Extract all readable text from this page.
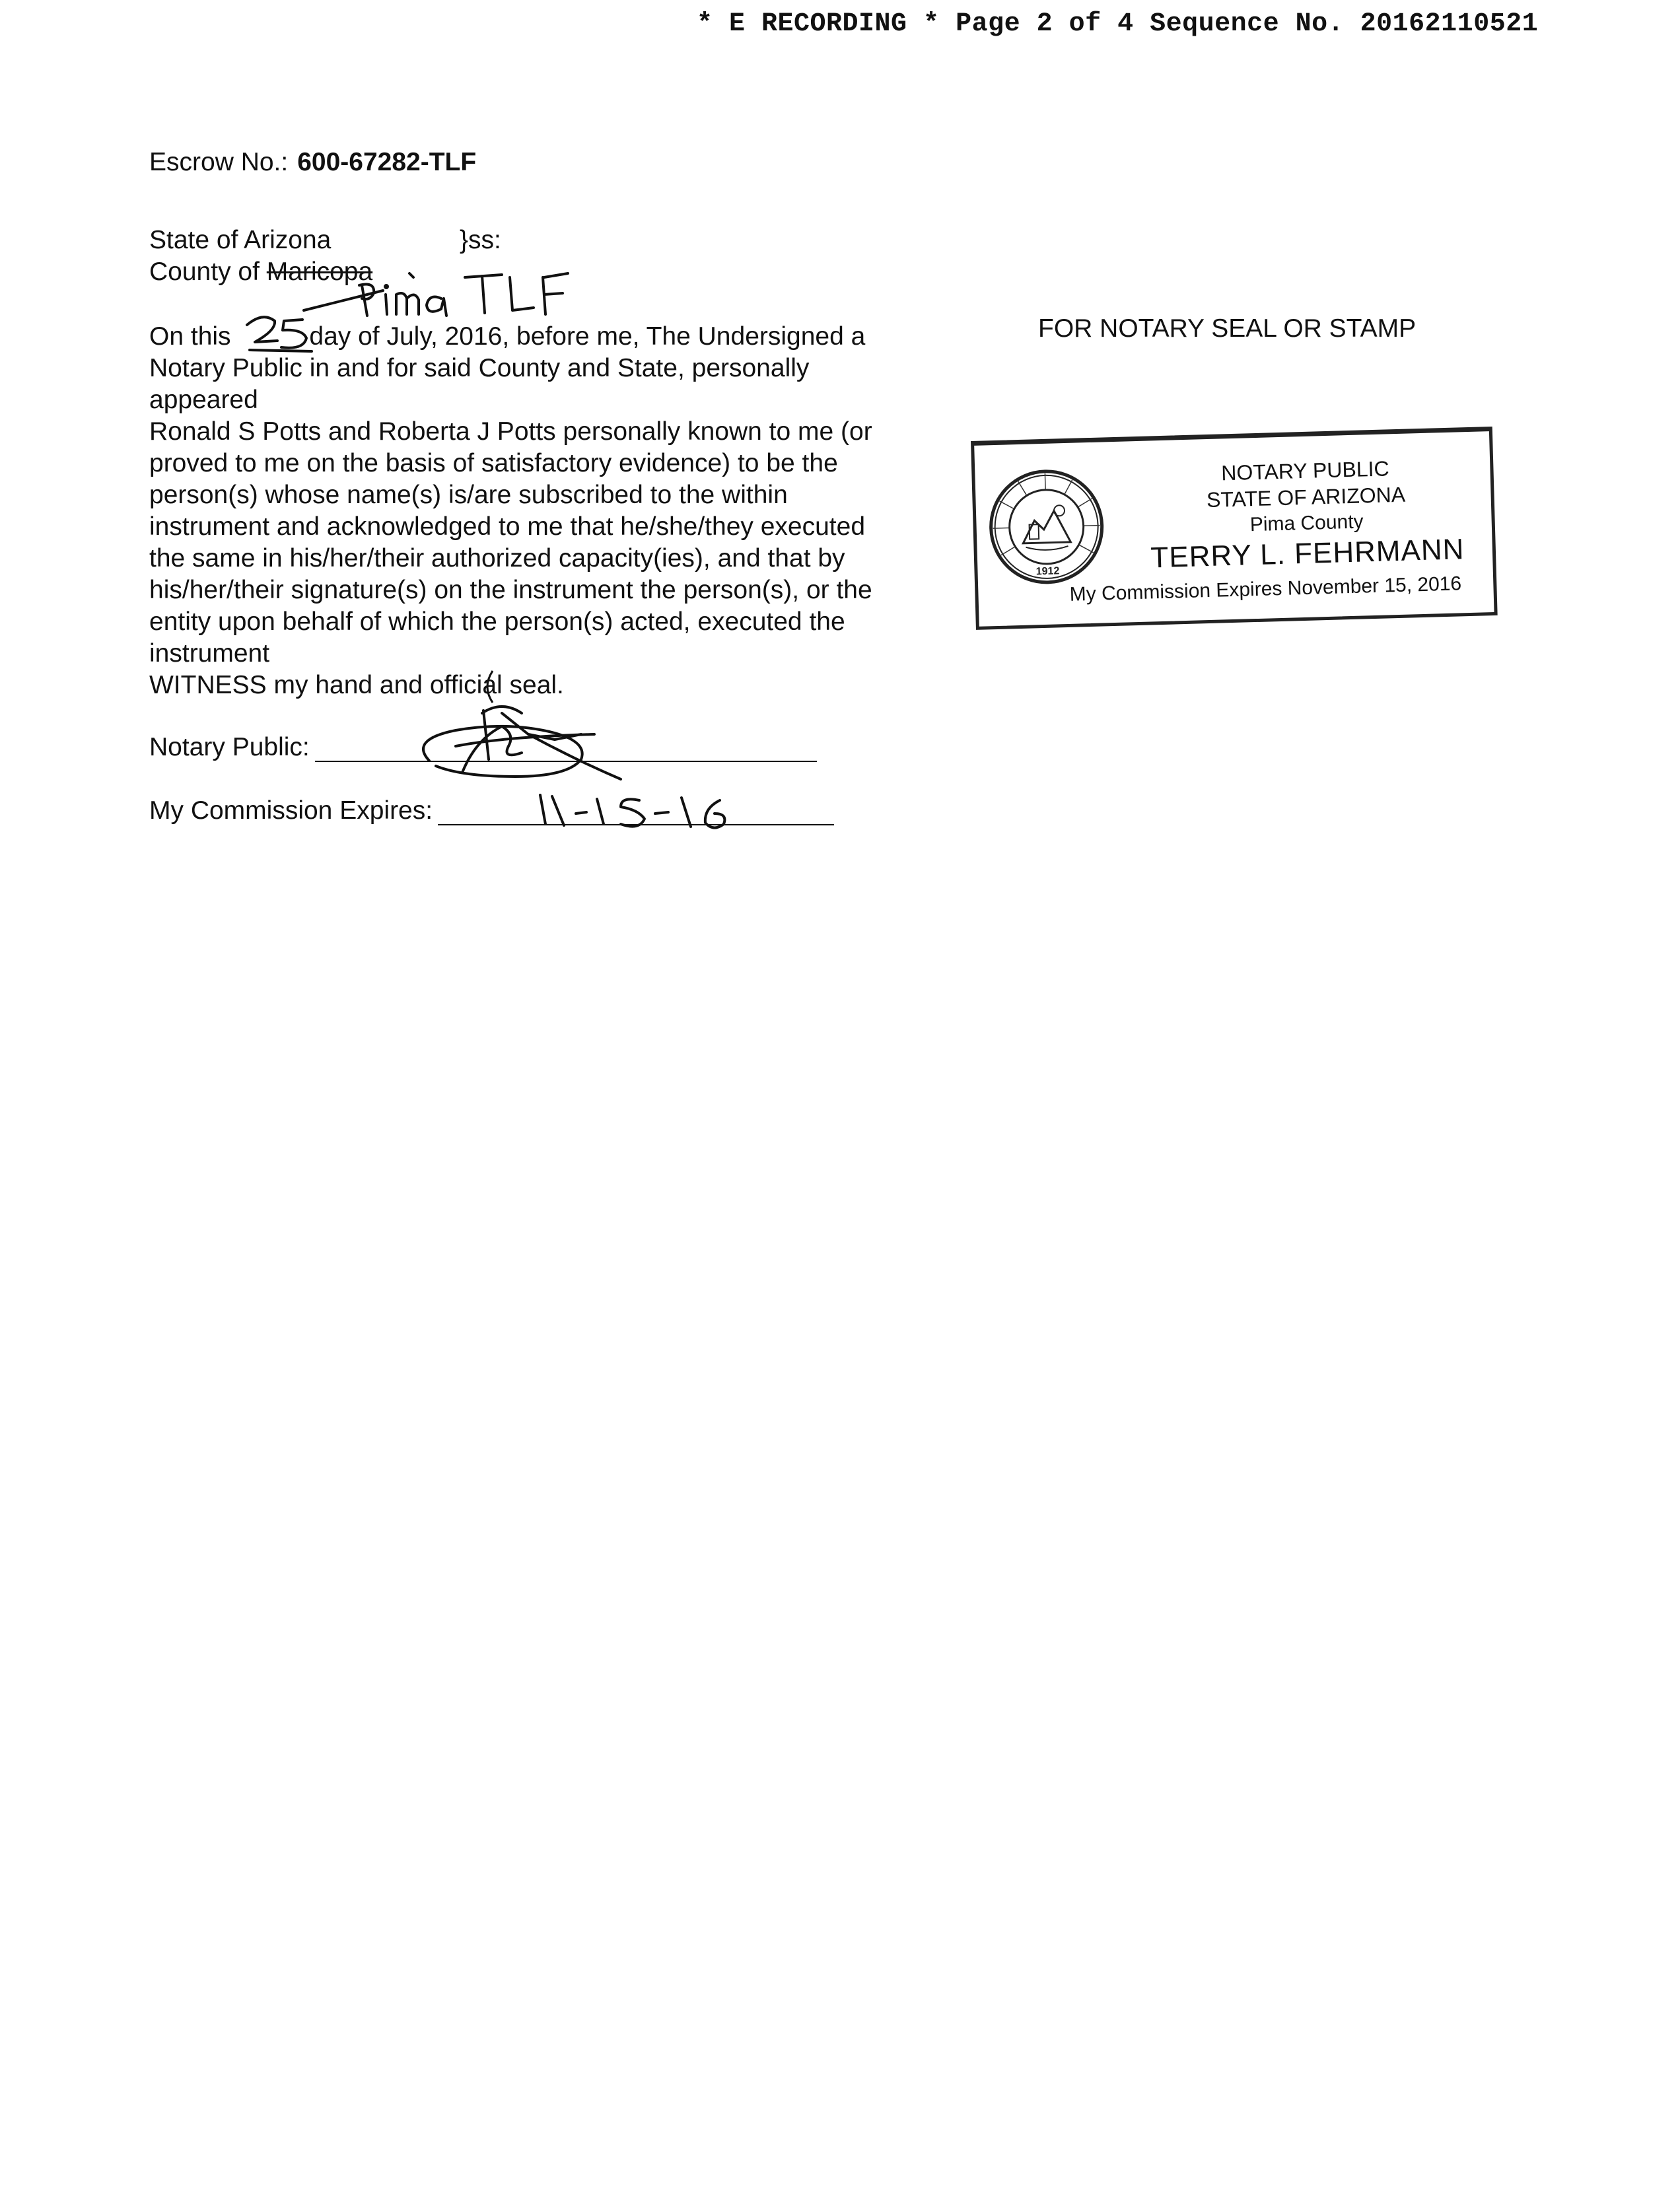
* E RECORDING * Page 2 of 4 Sequence No. 20162110521
Escrow No.: 600-67282-TLF
State of Arizona	}ss:
County of Maricopa

On this	day of July, 2016, before me, The Undersigned a

Notary Public in and for said County and State, personally

appeared

Ronald S Potts and Roberta J Potts personally known to me (or

proved to me on the basis of satisfactory evidence) to be the

person(s) whose name(s) is/are subscribed to the within

instrument and acknowledged to me that he/she/they executed

the same in his/her/their authorized capacity(ies), and that by

his/her/their signature(s) on the instrument the person(s), or the

entity upon behalf of which the person(s) acted, executed the

instrument

WITNESS my hand and official seal.

Notary Public:
My Commission Expires:
FOR NOTARY SEAL OR STAMP
1912
NOTARY PUBLIC
STATE OF ARIZONA
Pima County
TERRY L. FEHRMANN
My Commission Expires November 15, 2016
